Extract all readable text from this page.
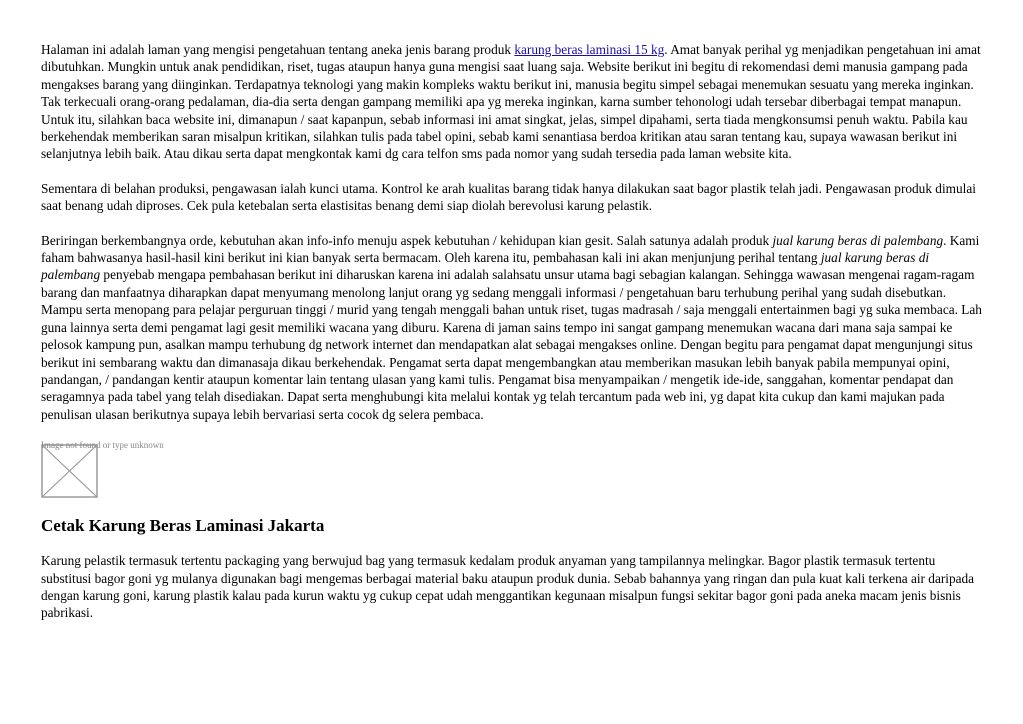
Halaman ini adalah laman yang mengisi pengetahuan tentang aneka jenis barang produk karung beras laminasi 15 kg. Amat banyak perihal yg menjadikan pengetahuan ini amat dibutuhkan. Mungkin untuk anak pendidikan, riset, tugas ataupun hanya guna mengisi saat luang saja. Website berikut ini begitu di rekomendasi demi manusia gampang pada mengakses barang yang diinginkan. Terdapatnya teknologi yang makin kompleks waktu berikut ini, manusia begitu simpel sebagai menemukan sesuatu yang mereka inginkan. Tak terkecuali orang-orang pedalaman, dia-dia serta dengan gampang memiliki apa yg mereka inginkan, karna sumber tehonologi udah tersebar diberbagai tempat manapun. Untuk itu, silahkan baca website ini, dimanapun / saat kapanpun, sebab informasi ini amat singkat, jelas, simpel dipahami, serta tiada mengkonsumsi penuh waktu. Pabila kau berkehendak memberikan saran misalpun kritikan, silahkan tulis pada tabel opini, sebab kami senantiasa berdoa kritikan atau saran tentang kau, supaya wawasan berikut ini selanjutnya lebih baik. Atau dikau serta dapat mengkontak kami dg cara telfon sms pada nomor yang sudah tersedia pada laman website kita.

Sementara di belahan produksi, pengawasan ialah kunci utama. Kontrol ke arah kualitas barang tidak hanya dilakukan saat bagor plastik telah jadi. Pengawasan produk dimulai saat benang udah diproses. Cek pula ketebalan serta elastisitas benang demi siap diolah berevolusi karung pelastik.

Beriringan berkembangnya orde, kebutuhan akan info-info menuju aspek kebutuhan / kehidupan kian gesit. Salah satunya adalah produk jual karung beras di palembang. Kami faham bahwasanya hasil-hasil kini berikut ini kian banyak serta bermacam. Oleh karena itu, pembahasan kali ini akan menjunjung perihal tentang jual karung beras di palembang penyebab mengapa pembahasan berikut ini diharuskan karena ini adalah salahsatu unsur utama bagi sebagian kalangan. Sehingga wawasan mengenai ragam-ragam barang dan manfaatnya diharapkan dapat menyumang menolong lanjut orang yg sedang menggali informasi / pengetahuan baru terhubung perihal yang sudah disebutkan. Mampu serta menopang para pelajar perguruan tinggi / murid yang tengah menggali bahan untuk riset, tugas madrasah / saja menggali entertainmen bagi yg suka membaca. Lah guna lainnya serta demi pengamat lagi gesit memiliki wacana yang diburu. Karena di jaman sains tempo ini sangat gampang menemukan wacana dari mana saja sampai ke pelosok kampung pun, asalkan mampu terhubung dg network internet dan mendapatkan alat sebagai mengakses online. Dengan begitu para pengamat dapat mengunjungi situs berikut ini sembarang waktu dan dimanasaja dikau berkehendak. Pengamat serta dapat mengembangkan atau memberikan masukan lebih banyak pabila mempunyai opini, pandangan, / pandangan kentir ataupun komentar lain tentang ulasan yang kami tulis. Pengamat bisa menyampaikan / mengetik ide-ide, sanggahan, komentar pendapat dan seragamnya pada tabel yang telah disediakan. Dapat serta menghubungi kita melalui kontak yg telah tercantum pada web ini, yg dapat kita cukup dan kami majukan pada penulisan ulasan berikutnya supaya lebih bervariasi serta cocok dg selera pembaca.

Image not found or type unknown
Cetak Karung Beras Laminasi Jakarta

Karung pelastik termasuk tertentu packaging yang berwujud bag yang termasuk kedalam produk anyaman yang tampilannya melingkar. Bagor plastik termasuk tertentu substitusi bagor goni yg mulanya digunakan bagi mengemas berbagai material baku ataupun produk dunia. Sebab bahannya yang ringan dan pula kuat kali terkena air daripada dengan karung goni, karung plastik kalau pada kurun waktu yg cukup cepat udah menggantikan kegunaan misalpun fungsi sekitar bagor goni pada aneka macam jenis bisnis pabrikasi.
